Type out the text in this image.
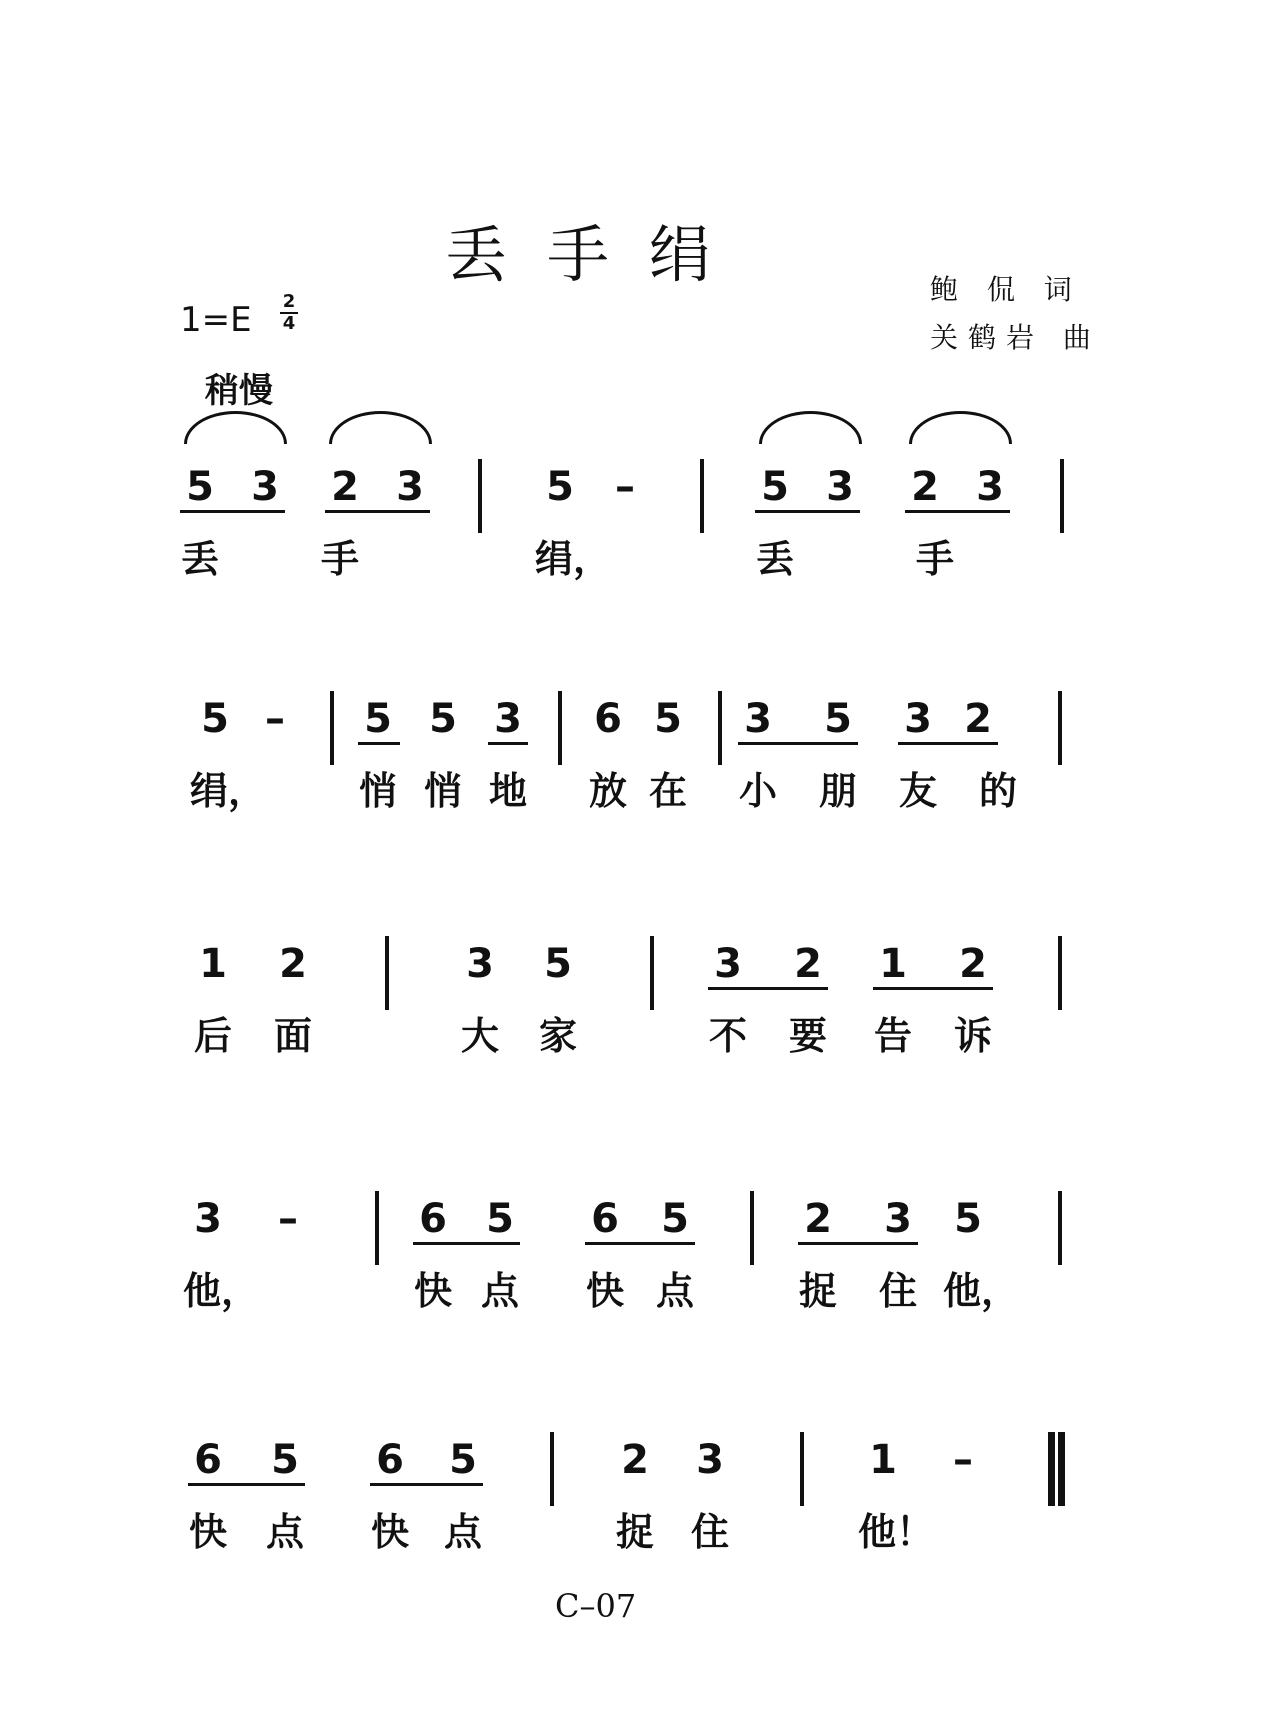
丢手绢	鲍 侃 词
关鹤岩 曲
1=E 2
4
稍慢
5 3 2 3	5 –	5 3 2 3
丢	手	绢，	丢	手
5 – 5 5 3 6 5 3 5 3 2
绢， 悄 悄 地 放 在 小 朋 友 的
1 2	3 5	3 2 1 2
后 面	大 家	不 要 告 诉
3 –	6 5 6 5	2 3 5
他，	快 点 快 点	捉 住 他，
6 5 6 5	2 3	1 –
快 点 快 点	捉 住	他！
C–07
